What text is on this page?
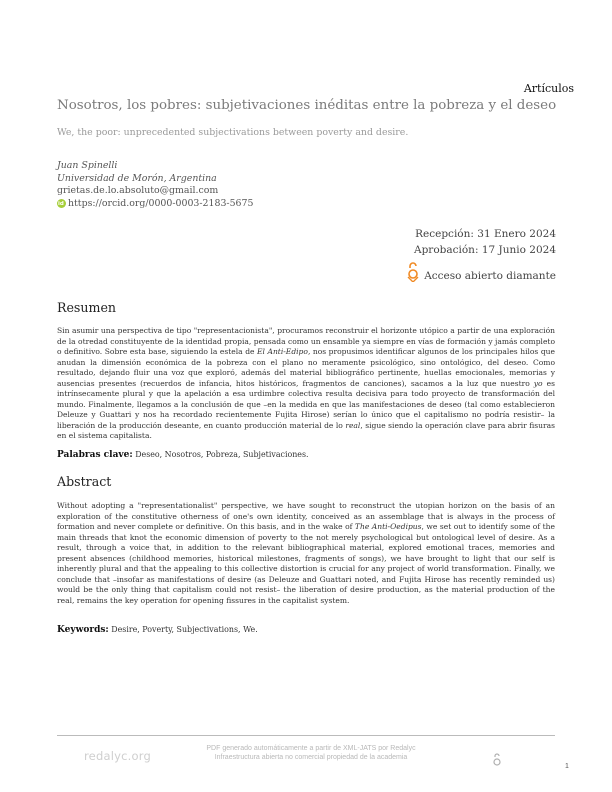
Artículos
Nosotros, los pobres: subjetivaciones inéditas entre la pobreza y el deseo
We, the poor: unprecedented subjectivations between poverty and desire.
Juan Spinelli
Universidad de Morón, Argentina
grietas.de.lo.absoluto@gmail.com
id
https://orcid.org/0000-0003-2183-5675
Recepción: 31 Enero 2024
Aprobación: 17 Junio 2024
Acceso abierto diamante
Resumen
Sin asumir una perspectiva de tipo "representacionista", procuramos reconstruir el horizonte utópico a partir de una exploración de la otredad constituyente de la identidad propia, pensada como un ensamble ya siempre en vías de formación y jamás completo o definitivo. Sobre esta base, siguiendo la estela de El Anti-Edipo, nos propusimos identificar algunos de los principales hilos que anudan la dimensión económica de la pobreza con el plano no meramente psicológico, sino ontológico, del deseo. Como resultado, dejando fluir una voz que exploró, además del material bibliográfico pertinente, huellas emocionales, memorias y ausencias presentes (recuerdos de infancia, hitos históricos, fragmentos de canciones), sacamos a la luz que nuestro yo es intrínsecamente plural y que la apelación a esa urdimbre colectiva resulta decisiva para todo proyecto de transformación del mundo. Finalmente, llegamos a la conclusión de que –en la medida en que las manifestaciones de deseo (tal como establecieron Deleuze y Guattari y nos ha recordado recientemente Fujita Hirose) serían lo único que el capitalismo no podría resistir– la liberación de la producción deseante, en cuanto producción material de lo real, sigue siendo la operación clave para abrir fisuras en el sistema capitalista.
Palabras clave: Deseo, Nosotros, Pobreza, Subjetivaciones.
Abstract
Without adopting a "representationalist" perspective, we have sought to reconstruct the utopian horizon on the basis of an exploration of the constitutive otherness of one's own identity, conceived as an assemblage that is always in the process of formation and never complete or definitive. On this basis, and in the wake of The Anti-Oedipus, we set out to identify some of the main threads that knot the economic dimension of poverty to the not merely psychological but ontological level of desire. As a result, through a voice that, in addition to the relevant bibliographical material, explored emotional traces, memories and present absences (childhood memories, historical milestones, fragments of songs), we have brought to light that our self is inherently plural and that the appealing to this collective distortion is crucial for any project of world transformation. Finally, we conclude that –insofar as manifestations of desire (as Deleuze and Guattari noted, and Fujita Hirose has recently reminded us) would be the only thing that capitalism could not resist– the liberation of desire production, as the material production of the real, remains the key operation for opening fissures in the capitalist system.
Keywords: Desire, Poverty, Subjectivations, We.
redalyc.org
PDF generado automáticamente a partir de XML-JATS por Redalyc
Infraestructura abierta no comercial propiedad de la academia
1
